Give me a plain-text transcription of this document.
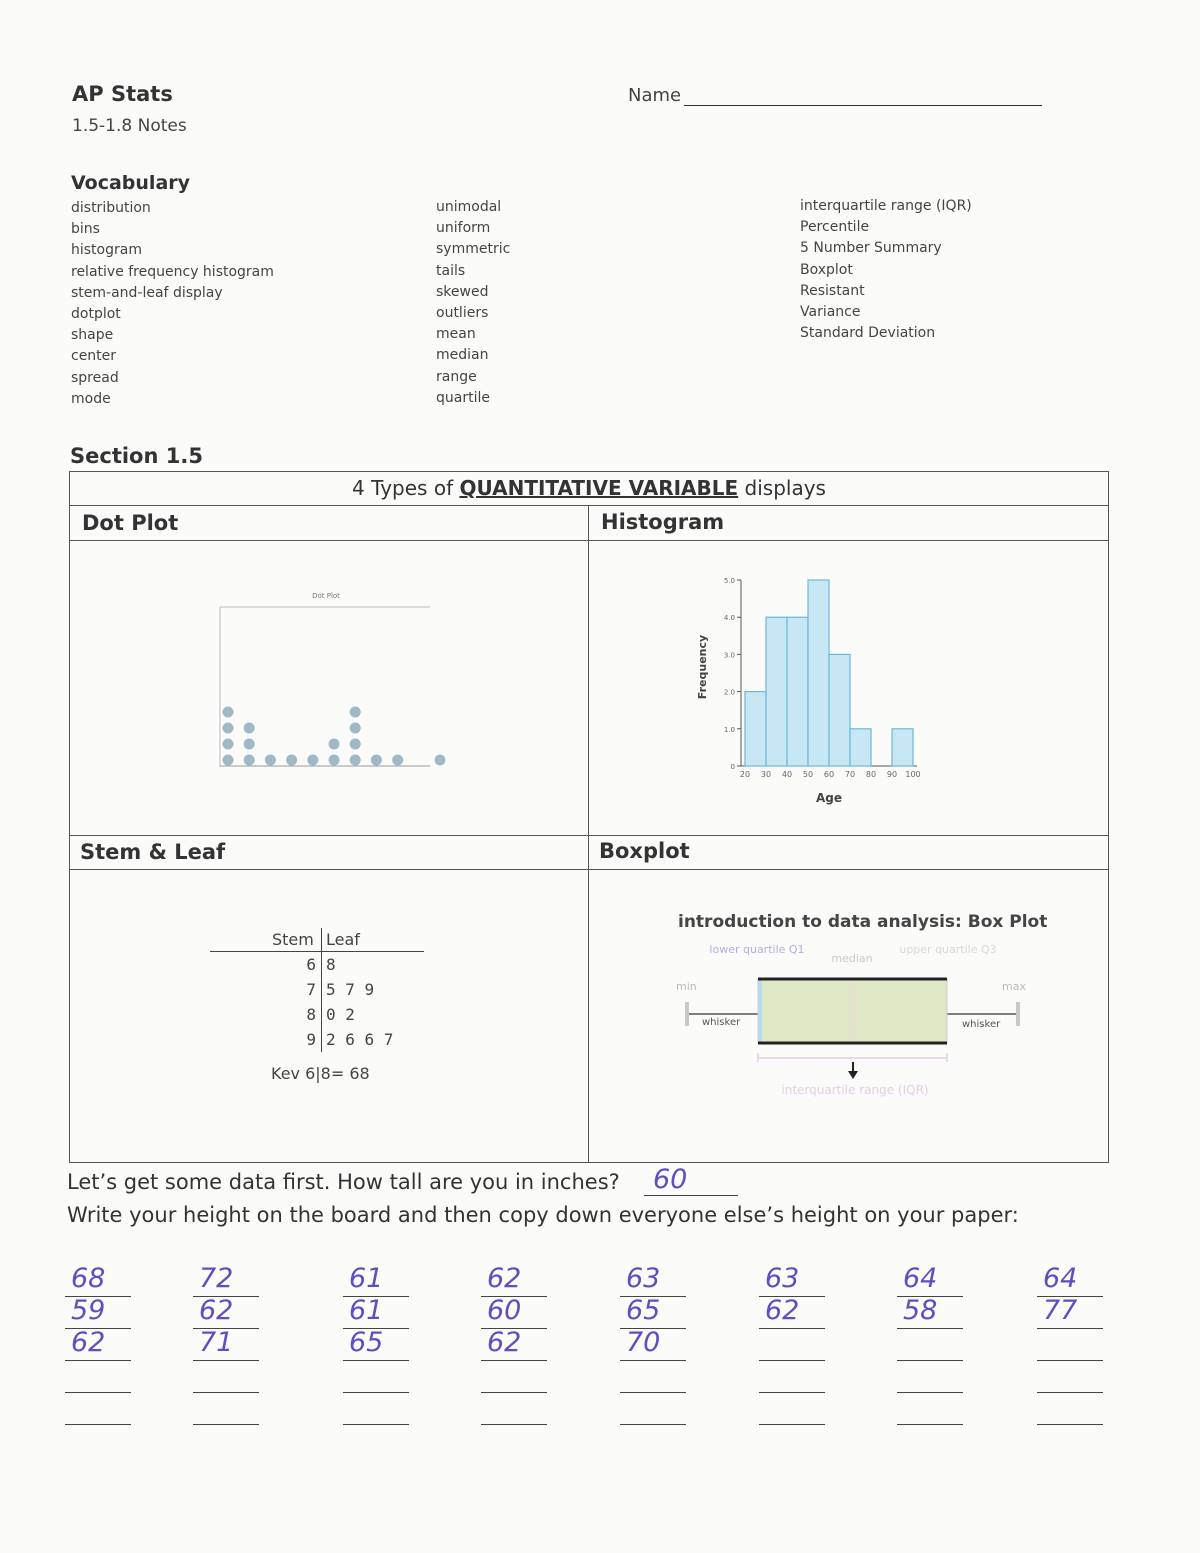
AP Stats
1.5-1.8 Notes
Name
Vocabulary
distribution
bins
histogram
relative frequency histogram
stem-and-leaf display
dotplot
shape
center
spread
mode
unimodal
uniform
symmetric
tails
skewed
outliers
mean
median
range
quartile
interquartile range (IQR)
Percentile
5 Number Summary
Boxplot
Resistant
Variance
Standard Deviation
Section 1.5
4 Types of QUANTITATIVE VARIABLE displays
Dot Plot	Histogram
Stem & Leaf	Boxplot
Dot Plot
0
1.0
2.0
3.0
4.0
5.0
20 30 40 50 60 70 80 90 100
Frequency
Age
Stem Leaf
6 8
7 5 7 9
8 0 2
9 2 6 6 7
Kev 6|8= 68
introduction to data analysis: Box Plot
lower quartile Q1
median
upper quartile Q3
min	max
whisker	whisker
interquartile range (IQR)
Let’s get some data first. How tall are you in inches? 60
Write your height on the board and then copy down everyone else’s height on your paper:
68
59
62
72
62
71
61
61
65
62
60
62
63
65
70
63
62
64
58
64
77
